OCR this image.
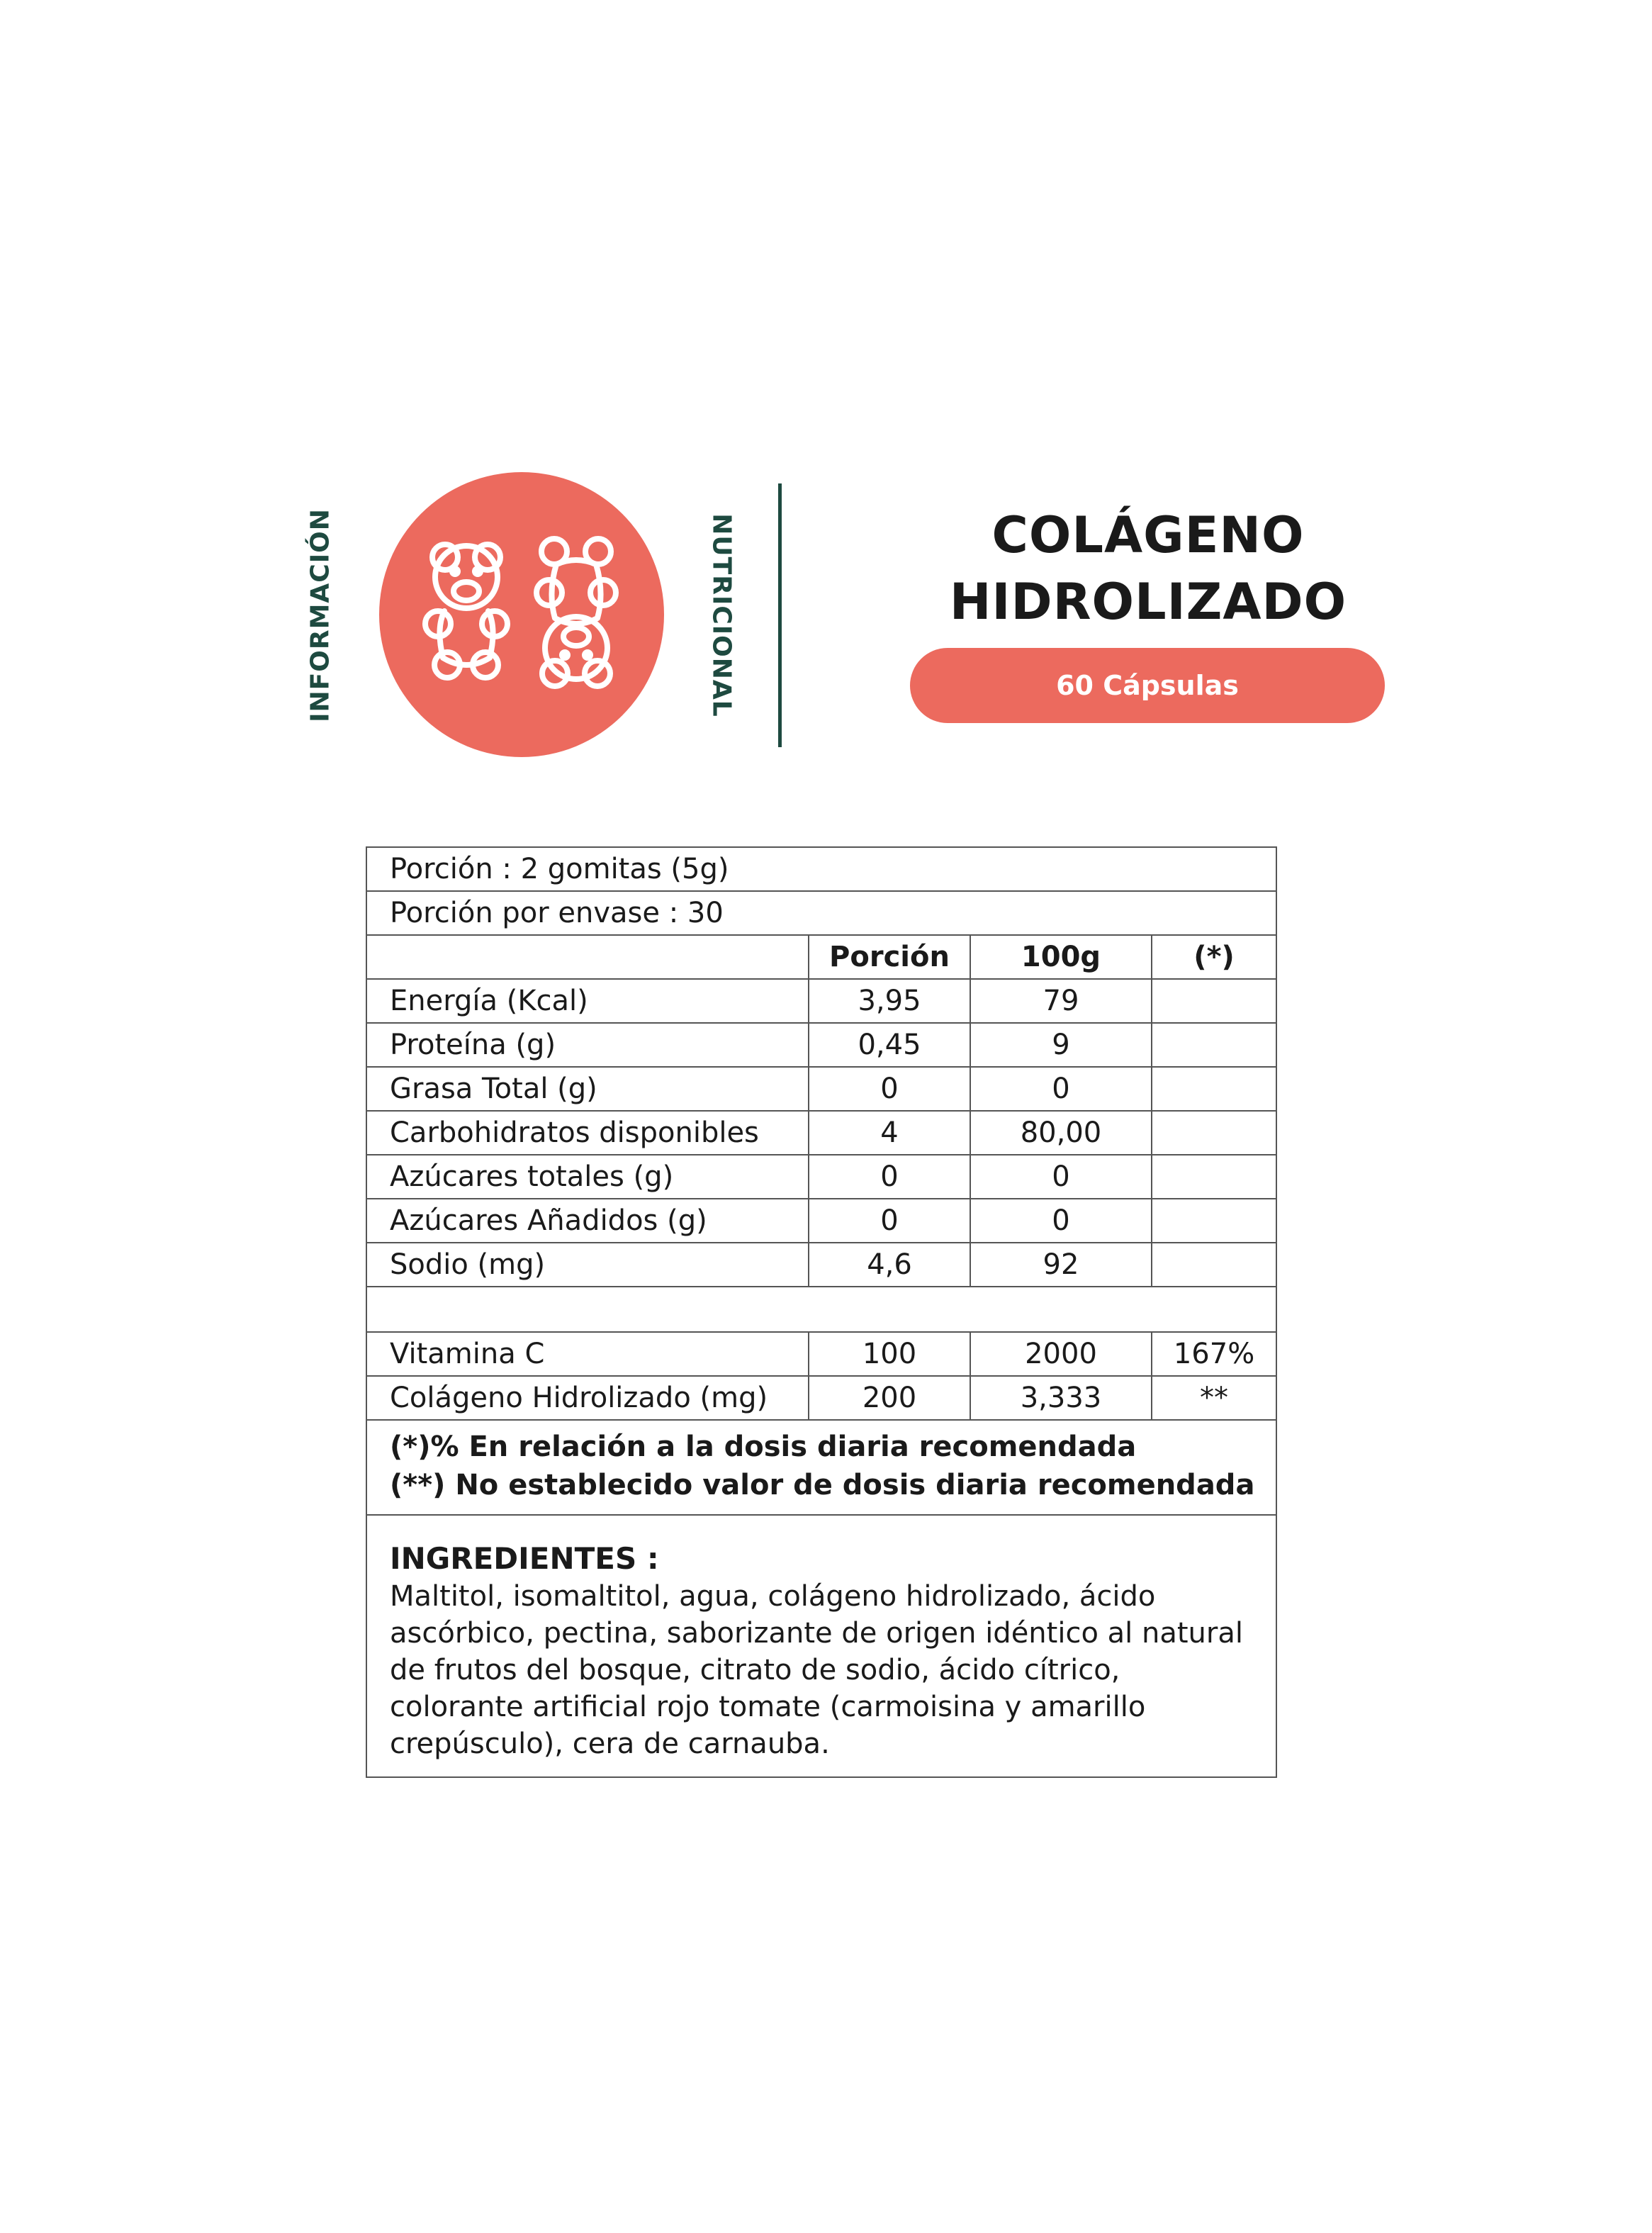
INFORMACIÓN	NUTRICIONAL	COLÁGENO
HIDROLIZADO
60 Cápsulas
Porción : 2 gomitas (5g)			
Porción por envase : 30			
	Porción	100g	(*)
Energía (Kcal)	3,95	79	
Proteína (g)	0,45	9	
Grasa Total (g)	0	0	
Carbohidratos disponibles	4	80,00	
Azúcares totales (g)	0	0	
Azúcares Añadidos (g)	0	0	
Sodio (mg)	4,6	92	

Vitamina C	100	2000	167%
Colágeno Hidrolizado (mg)	200	3,333	**

(*)% En relación a la dosis diaria recomendada
(**) No establecido valor de dosis diaria recomendada			

INGREDIENTES :
Maltitol, isomaltitol, agua, colágeno hidrolizado, ácido ascórbico, pectina, saborizante de origen idéntico al natural de frutos del bosque, citrato de sodio, ácido cítrico, colorante artificial rojo tomate (carmoisina y amarillo crepúsculo), cera de carnauba.			
